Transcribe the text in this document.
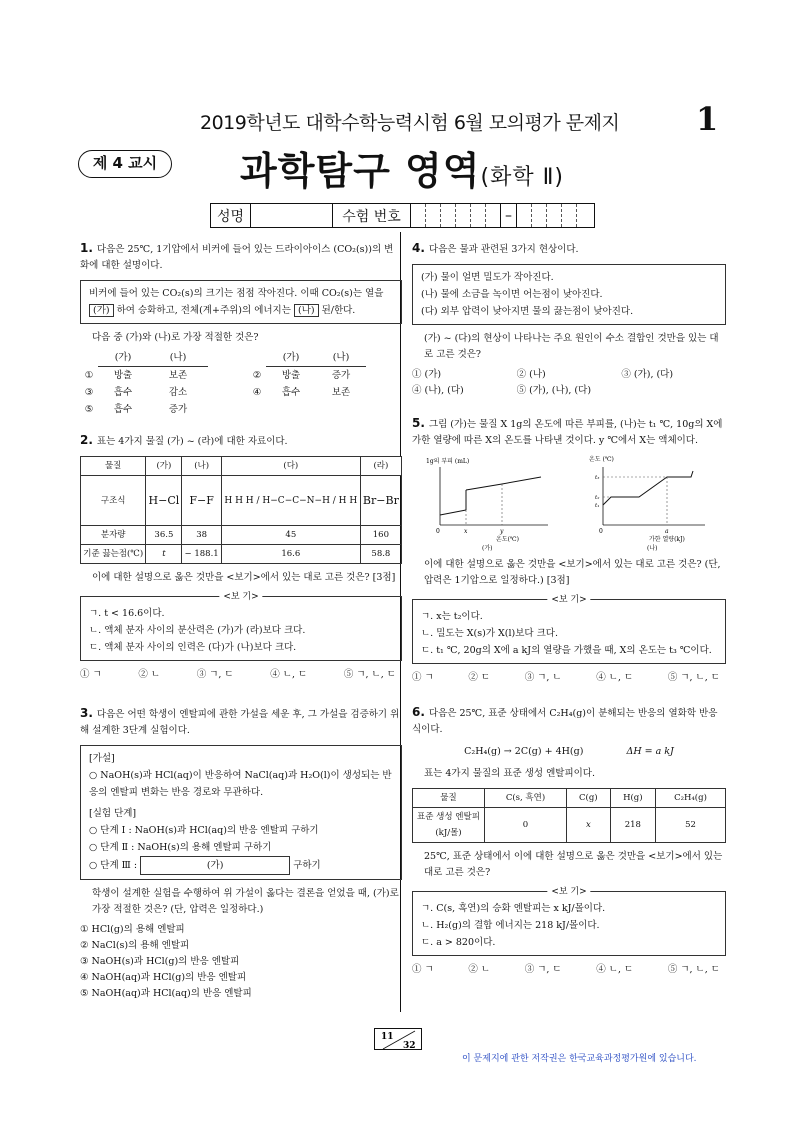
2019학년도 대학수학능력시험 6월 모의평가 문제지 1
제 4 교시	과학탐구 영역(화학 Ⅱ)
성명	수험 번호	–
1. 다음은 25℃, 1기압에서 비커에 들어 있는 드라이아이스 (CO₂(s))의 변화에 대한 설명이다.
비커에 들어 있는 CO₂(s)의 크기는 점점 작아진다. 이때 CO₂(s)는 열을 (가) 하여 승화하고, 전체(계+주위)의 에너지는 (나) 된/한다.
다음 중 (가)와 (나)로 가장 적절한 것은?
(가)	(나)	(가)	(나)
①	방출	보존	②	방출	증가
③	흡수	감소	④	흡수	보존
⑤	흡수	증가
2. 표는 4가지 물질 (가) ~ (라)에 대한 자료이다.
물질	(가)	(나)	(다)	(라)
구조식	H−Cl	F−F	H H H / H−C−C−N−H / H H	Br−Br
분자량	36.5	38	45	160
기준 끓는점(℃)	t	− 188.1	16.6	58.8
이에 대한 설명으로 옳은 것만을 <보기>에서 있는 대로 고른 것은? [3점]
<보 기>
ㄱ. t < 16.6이다.
ㄴ. 액체 분자 사이의 분산력은 (가)가 (라)보다 크다.
ㄷ. 액체 분자 사이의 인력은 (다)가 (나)보다 크다.
① ㄱ	② ㄴ	③ ㄱ, ㄷ	④ ㄴ, ㄷ	⑤ ㄱ, ㄴ, ㄷ
3. 다음은 어떤 학생이 엔탈피에 관한 가설을 세운 후, 그 가설을 검증하기 위해 설계한 3단계 실험이다.
[가설]
○ NaOH(s)과 HCl(aq)이 반응하여 NaCl(aq)과 H₂O(l)이 생성되는 반응의 엔탈피 변화는 반응 경로와 무관하다.
[실험 단계]
○ 단계 Ⅰ : NaOH(s)과 HCl(aq)의 반응 엔탈피 구하기
○ 단계 Ⅱ : NaOH(s)의 용해 엔탈피 구하기
○ 단계 Ⅲ :	(가)	구하기
학생이 설계한 실험을 수행하여 위 가설이 옳다는 결론을 얻었을 때, (가)로 가장 적절한 것은? (단, 압력은 일정하다.)
① HCl(g)의 용해 엔탈피
② NaCl(s)의 용해 엔탈피
③ NaOH(s)과 HCl(g)의 반응 엔탈피
④ NaOH(aq)과 HCl(g)의 반응 엔탈피
⑤ NaOH(aq)과 HCl(aq)의 반응 엔탈피
4. 다음은 물과 관련된 3가지 현상이다.
(가) 물이 얼면 밀도가 작아진다.
(나) 물에 소금을 녹이면 어는점이 낮아진다.
(다) 외부 압력이 낮아지면 물의 끓는점이 낮아진다.
(가) ~ (다)의 현상이 나타나는 주요 원인이 수소 결합인 것만을 있는 대로 고른 것은?
① (가)	② (나)	③ (가), (다)
④ (나), (다)	⑤ (가), (나), (다)
5. 그림 (가)는 물질 X 1g의 온도에 따른 부피를, (나)는 t₁ ℃, 10g의 X에 가한 열량에 따른 X의 온도를 나타낸 것이다. y ℃에서 X는 액체이다.
1g의 부피 (mL)
0	x	y
온도(℃)
(가)
온도 (℃)
t₃
t₂
t₁
0	a
가한 열량(kJ)
(나)
이에 대한 설명으로 옳은 것만을 <보기>에서 있는 대로 고른 것은? (단, 압력은 1기압으로 일정하다.) [3점]
<보 기>
ㄱ. x는 t₂이다.
ㄴ. 밀도는 X(s)가 X(l)보다 크다.
ㄷ. t₁ ℃, 20g의 X에 a kJ의 열량을 가했을 때, X의 온도는 t₃ ℃이다.
① ㄱ	② ㄷ	③ ㄱ, ㄴ	④ ㄴ, ㄷ	⑤ ㄱ, ㄴ, ㄷ
6. 다음은 25℃, 표준 상태에서 C₂H₄(g)이 분해되는 반응의 열화학 반응식이다.
C₂H₄(g) → 2C(g) + 4H(g)	ΔH = a kJ
표는 4가지 물질의 표준 생성 엔탈피이다.
물질	C(s, 흑연)	C(g)	H(g)	C₂H₄(g)
표준 생성 엔탈피 (kJ/몰)	0	x	218	52
25℃, 표준 상태에서 이에 대한 설명으로 옳은 것만을 <보기>에서 있는 대로 고른 것은?
<보 기>
ㄱ. C(s, 흑연)의 승화 엔탈피는 x kJ/몰이다.
ㄴ. H₂(g)의 결합 에너지는 218 kJ/몰이다.
ㄷ. a > 820이다.
① ㄱ	② ㄴ	③ ㄱ, ㄷ	④ ㄴ, ㄷ	⑤ ㄱ, ㄴ, ㄷ
11
32
이 문제지에 관한 저작권은 한국교육과정평가원에 있습니다.
